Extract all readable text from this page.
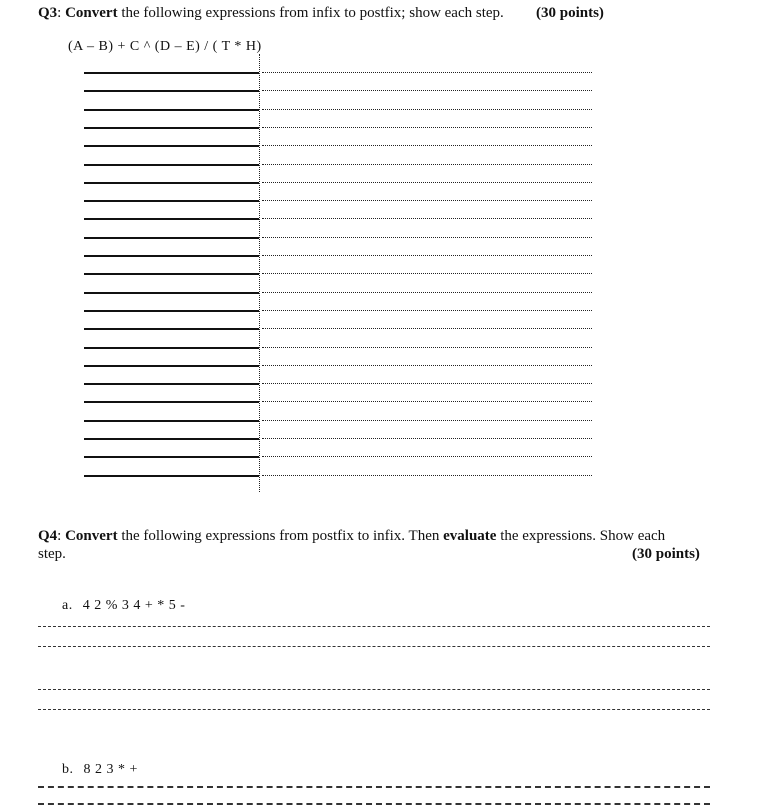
Q3: Convert the following expressions from infix to postfix; show each step. (30 points)
(A – B) + C ^ (D – E) / ( T * H)
Q4: Convert the following expressions from postfix to infix. Then evaluate the expressions. Show each
step.	(30 points)
a. 4 2 % 3 4 + * 5 -
b. 8 2 3 * +
